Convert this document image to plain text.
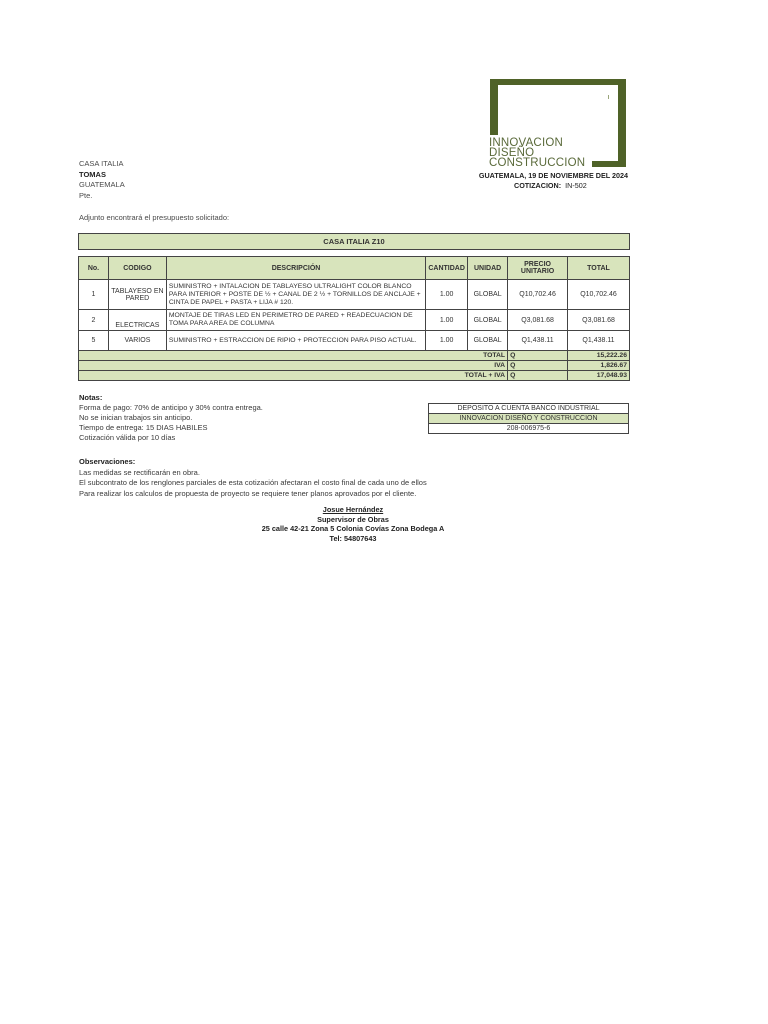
INNOVACION
DISEÑO
CONSTRUCCION
CASA ITALIA
TOMAS
GUATEMALA
Pte.
GUATEMALA, 19 DE NOVIEMBRE DEL 2024
COTIZACION: IN-502
Adjunto encontrará el presupuesto solicitado:
CASA ITALIA Z10						

No.	CODIGO	DESCRIPCIÓN	CANTIDAD	UNIDAD	PRECIO UNITARIO	TOTAL
1	TABLAYESO EN PARED	SUMINISTRO + INTALACION DE TABLAYESO ULTRALIGHT COLOR BLANCO PARA INTERIOR + POSTE DE ½ + CANAL DE 2 ½ + TORNILLOS DE ANCLAJE + CINTA DE PAPEL + PASTA + LIJA # 120.	1.00	GLOBAL	Q10,702.46	Q10,702.46
2	ELECTRICAS	MONTAJE DE TIRAS LED EN PERIMETRO DE PARED + READECUACION DE TOMA PARA AREA DE COLUMNA	1.00	GLOBAL	Q3,081.68	Q3,081.68
5	VARIOS	SUMINISTRO + ESTRACCION DE RIPIO + PROTECCION PARA PISO ACTUAL.	1.00	GLOBAL	Q1,438.11	Q1,438.11
TOTAL					Q	15,222.26
IVA					Q	1,826.67
TOTAL + IVA					Q	17,048.93
Notas:
Forma de pago: 70% de anticipo y 30% contra entrega.
No se inician trabajos sin anticipo.
Tiempo de entrega: 15 DIAS HABILES
Cotización válida por 10 días
DEPOSITO A CUENTA BANCO INDUSTRIAL
INNOVACION DISEÑO Y CONSTRUCCION
208-006975-6
Observaciones:
Las medidas se rectificarán en obra.
El subcontrato de los renglones parciales de esta cotización afectaran el costo final de cada uno de ellos
Para realizar los calculos de propuesta de proyecto se requiere tener planos aprovados por el cliente.
Josue Hernández
Supervisor de Obras
25 calle 42-21 Zona 5 Colonia Covías Zona Bodega A
Tel: 54807643
